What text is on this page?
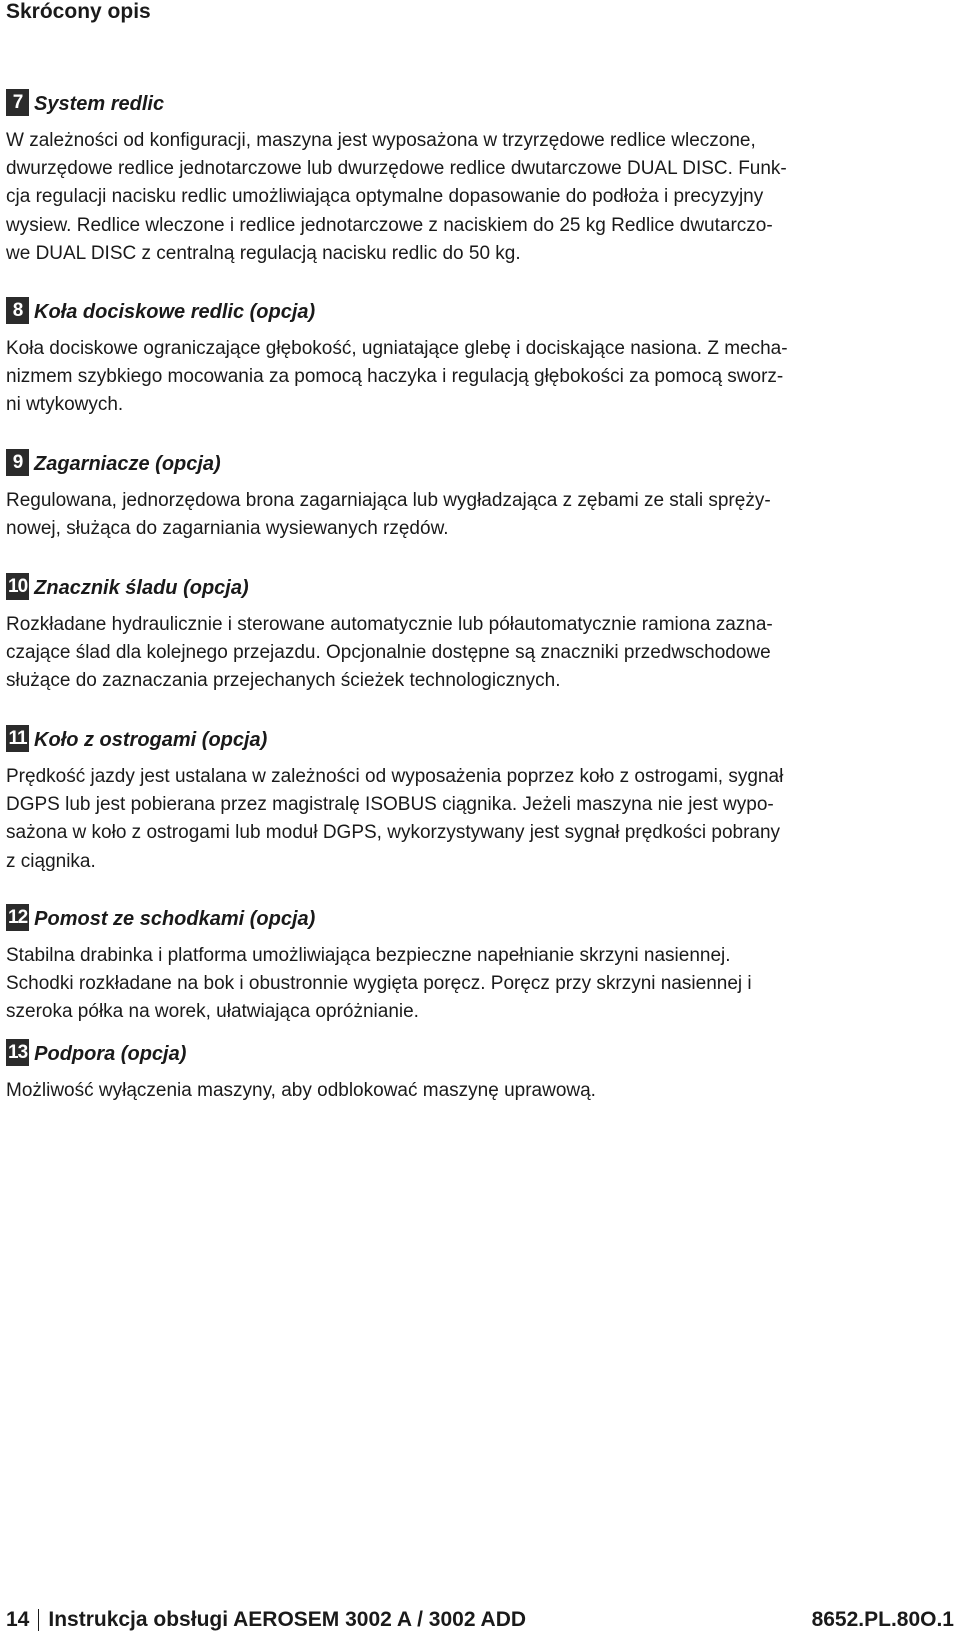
Skrócony opis
7 System redlic
W zależności od konfiguracji, maszyna jest wyposażona w trzyrzędowe redlice wleczone,
dwurzędowe redlice jednotarczowe lub dwurzędowe redlice dwutarczowe DUAL DISC. Funk-
cja regulacji nacisku redlic umożliwiająca optymalne dopasowanie do podłoża i precyzyjny
wysiew. Redlice wleczone i redlice jednotarczowe z naciskiem do 25 kg Redlice dwutarczo-
we DUAL DISC z centralną regulacją nacisku redlic do 50 kg.
8 Koła dociskowe redlic (opcja)
Koła dociskowe ograniczające głębokość, ugniatające glebę i dociskające nasiona. Z mecha-
nizmem szybkiego mocowania za pomocą haczyka i regulacją głębokości za pomocą sworz-
ni wtykowych.
9 Zagarniacze (opcja)
Regulowana, jednorzędowa brona zagarniająca lub wygładzająca z zębami ze stali spręży-
nowej, służąca do zagarniania wysiewanych rzędów.
10 Znacznik śladu (opcja)
Rozkładane hydraulicznie i sterowane automatycznie lub półautomatycznie ramiona zazna-
czające ślad dla kolejnego przejazdu. Opcjonalnie dostępne są znaczniki przedwschodowe
służące do zaznaczania przejechanych ścieżek technologicznych.
11 Koło z ostrogami (opcja)
Prędkość jazdy jest ustalana w zależności od wyposażenia poprzez koło z ostrogami, sygnał
DGPS lub jest pobierana przez magistralę ISOBUS ciągnika. Jeżeli maszyna nie jest wypo-
sażona w koło z ostrogami lub moduł DGPS, wykorzystywany jest sygnał prędkości pobrany
z ciągnika.
12 Pomost ze schodkami (opcja)
Stabilna drabinka i platforma umożliwiająca bezpieczne napełnianie skrzyni nasiennej.
Schodki rozkładane na bok i obustronnie wygięta poręcz. Poręcz przy skrzyni nasiennej i
szeroka półka na worek, ułatwiająca opróżnianie.
13 Podpora (opcja)
Możliwość wyłączenia maszyny, aby odblokować maszynę uprawową.
14 Instrukcja obsługi AEROSEM 3002 A / 3002 ADD	8652.PL.80O.1
